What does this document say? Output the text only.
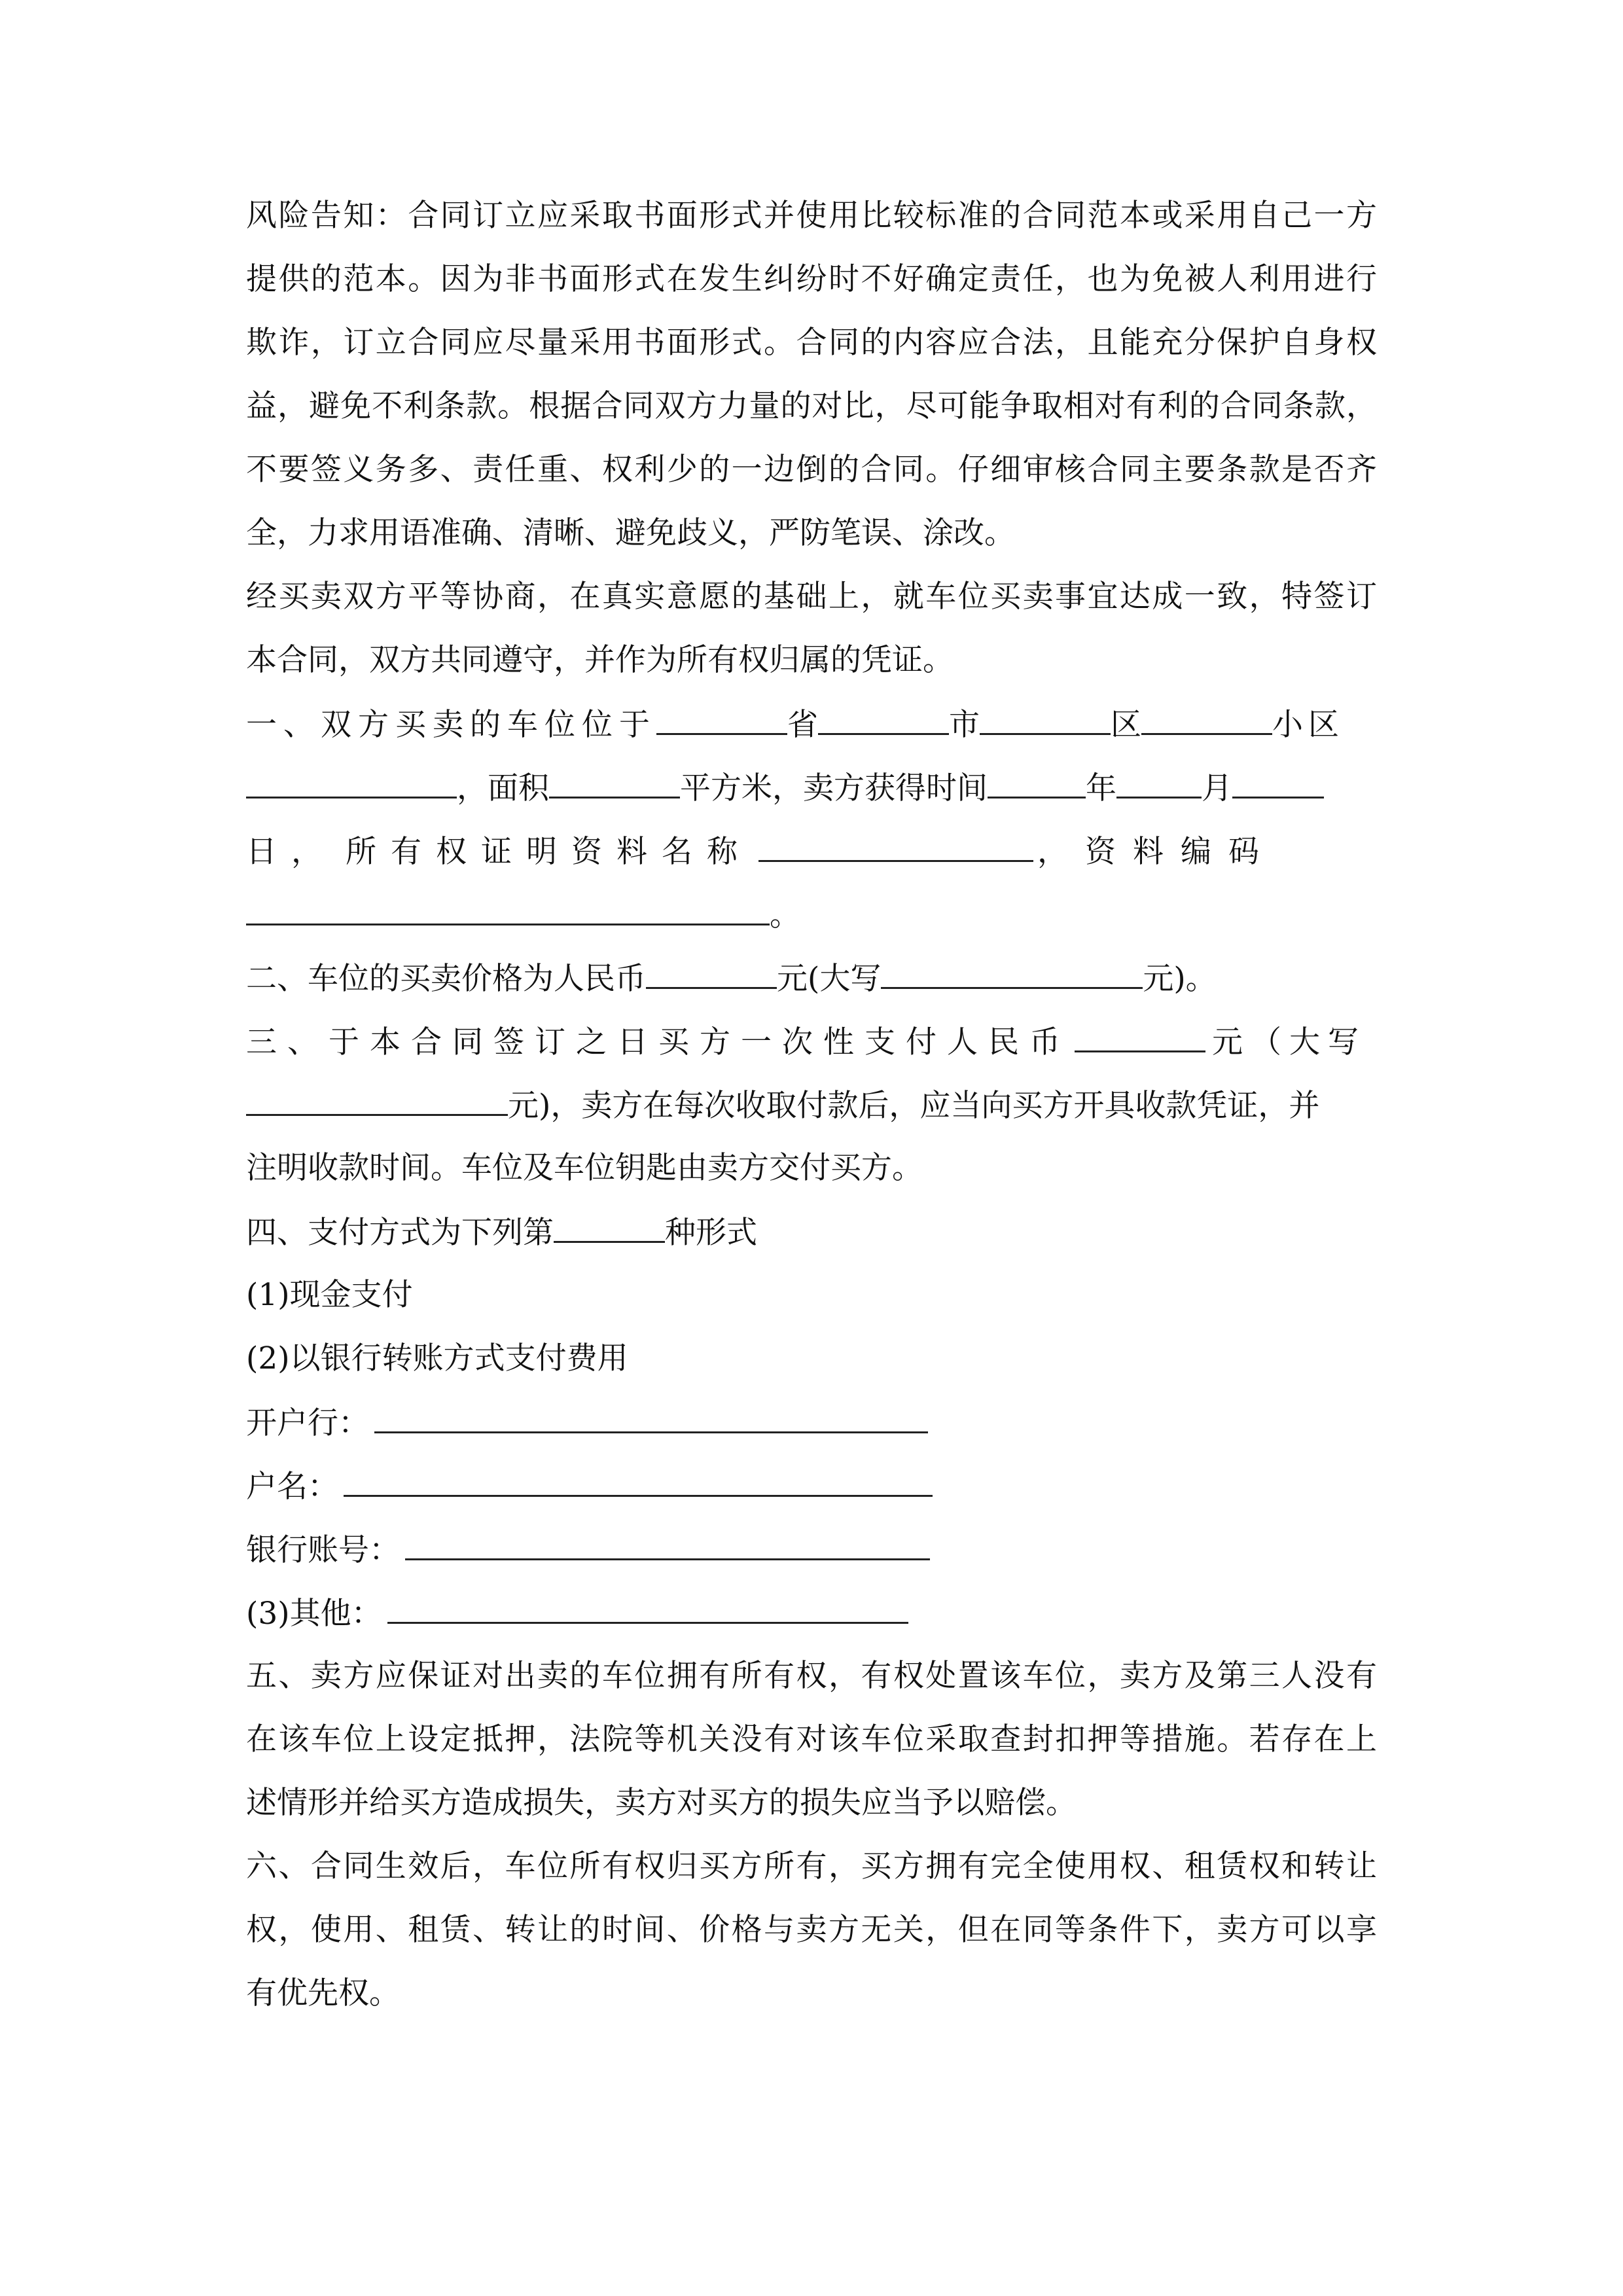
风险告知：合同订立应采取书面形式并使用比较标准的合同范本或采用自己一方
提供的范本。因为非书面形式在发生纠纷时不好确定责任，也为免被人利用进行
欺诈，订立合同应尽量采用书面形式。合同的内容应合法，且能充分保护自身权
益，避免不利条款。根据合同双方力量的对比，尽可能争取相对有利的合同条款，
不要签义务多、责任重、权利少的一边倒的合同。仔细审核合同主要条款是否齐
全，力求用语准确、清晰、避免歧义，严防笔误、涂改。
经买卖双方平等协商，在真实意愿的基础上，就车位买卖事宜达成一致，特签订
本合同，双方共同遵守，并作为所有权归属的凭证。
一、双方买卖的车位位于	省	市	区	小区
，面积	平方米，卖方获得时间	年	月
日， 所有权证明资料名称	，资料编码
。
二、车位的买卖价格为人民币	元(大写	元)。
三、于本合同签订之日买方一次性支付人民币	元（大写
元)，卖方在每次收取付款后，应当向买方开具收款凭证，并
注明收款时间。车位及车位钥匙由卖方交付买方。
四、支付方式为下列第	种形式
(1)现金支付
(2)以银行转账方式支付费用
开户行：
户名：
银行账号：
(3)其他：
五、卖方应保证对出卖的车位拥有所有权，有权处置该车位，卖方及第三人没有
在该车位上设定抵押，法院等机关没有对该车位采取查封扣押等措施。若存在上
述情形并给买方造成损失，卖方对买方的损失应当予以赔偿。
六、合同生效后，车位所有权归买方所有，买方拥有完全使用权、租赁权和转让
权，使用、租赁、转让的时间、价格与卖方无关，但在同等条件下，卖方可以享
有优先权。
